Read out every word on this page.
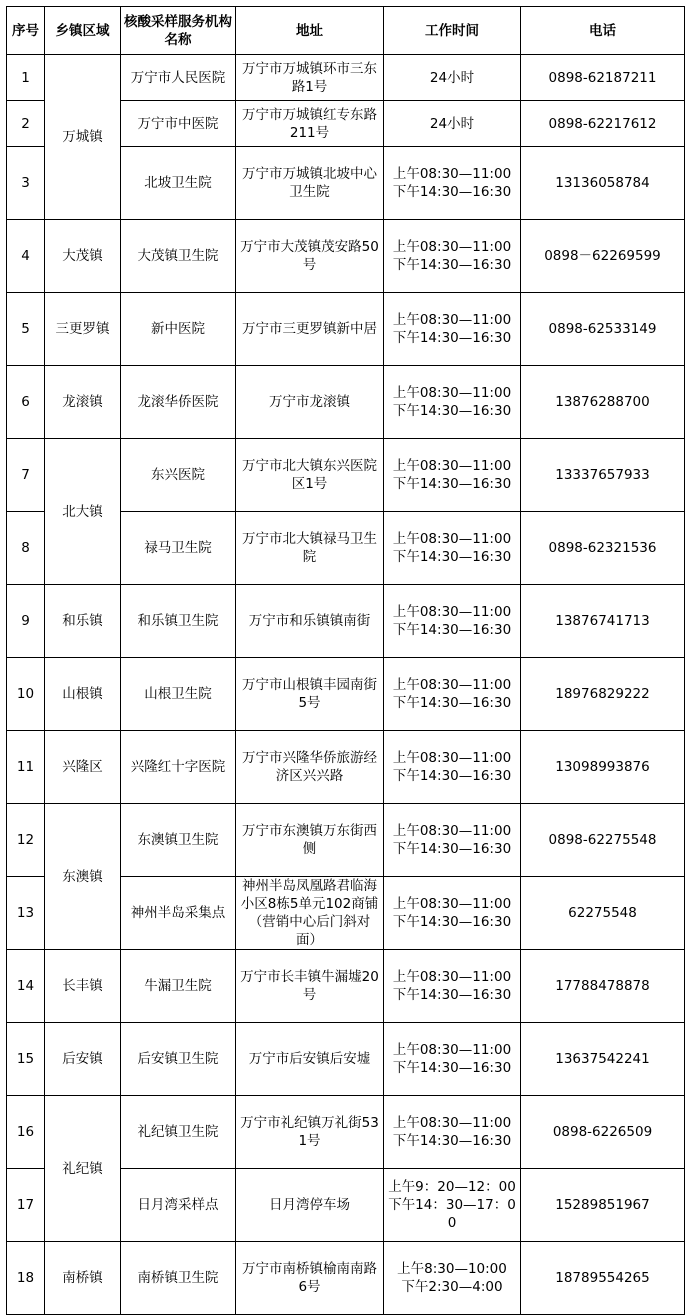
序号	乡镇区域	核酸采样服务机构名称	地址	工作时间	电话
1	万城镇	万宁市人民医院	万宁市万城镇环市三东路1号	24小时	0898-62187211
2		万宁市中医院	万宁市万城镇红专东路211号	24小时	0898-62217612
3		北坡卫生院	万宁市万城镇北坡中心卫生院	上午08:30—11:00
下午14:30—16:30	13136058784
4	大茂镇	大茂镇卫生院	万宁市大茂镇茂安路50号	上午08:30—11:00
下午14:30—16:30	0898－62269599
5	三更罗镇	新中医院	万宁市三更罗镇新中居	上午08:30—11:00
下午14:30—16:30	0898-62533149
6	龙滚镇	龙滚华侨医院	万宁市龙滚镇	上午08:30—11:00
下午14:30—16:30	13876288700
7	北大镇	东兴医院	万宁市北大镇东兴医院区1号	上午08:30—11:00
下午14:30—16:30	13337657933
8		禄马卫生院	万宁市北大镇禄马卫生院	上午08:30—11:00
下午14:30—16:30	0898-62321536
9	和乐镇	和乐镇卫生院	万宁市和乐镇镇南街	上午08:30—11:00
下午14:30—16:30	13876741713
10	山根镇	山根卫生院	万宁市山根镇丰园南街5号	上午08:30—11:00
下午14:30—16:30	18976829222
11	兴隆区	兴隆红十字医院	万宁市兴隆华侨旅游经济区兴兴路	上午08:30—11:00
下午14:30—16:30	13098993876
12	东澳镇	东澳镇卫生院	万宁市东澳镇万东街西侧	上午08:30—11:00
下午14:30—16:30	0898-62275548
13		神州半岛采集点	神州半岛凤凰路君临海小区8栋5单元102商铺（营销中心后门斜对面）	上午08:30—11:00
下午14:30—16:30	62275548
14	长丰镇	牛漏卫生院	万宁市长丰镇牛漏墟20号	上午08:30—11:00
下午14:30—16:30	17788478878
15	后安镇	后安镇卫生院	万宁市后安镇后安墟	上午08:30—11:00
下午14:30—16:30	13637542241
16	礼纪镇	礼纪镇卫生院	万宁市礼纪镇万礼街531号	上午08:30—11:00
下午14:30—16:30	0898-6226509
17		日月湾采样点	日月湾停车场	上午9：20—12：00
下午14：30—17：00	15289851967
18	南桥镇	南桥镇卫生院	万宁市南桥镇榆南南路6号	上午8:30—10:00
下午2:30—4:00	18789554265
